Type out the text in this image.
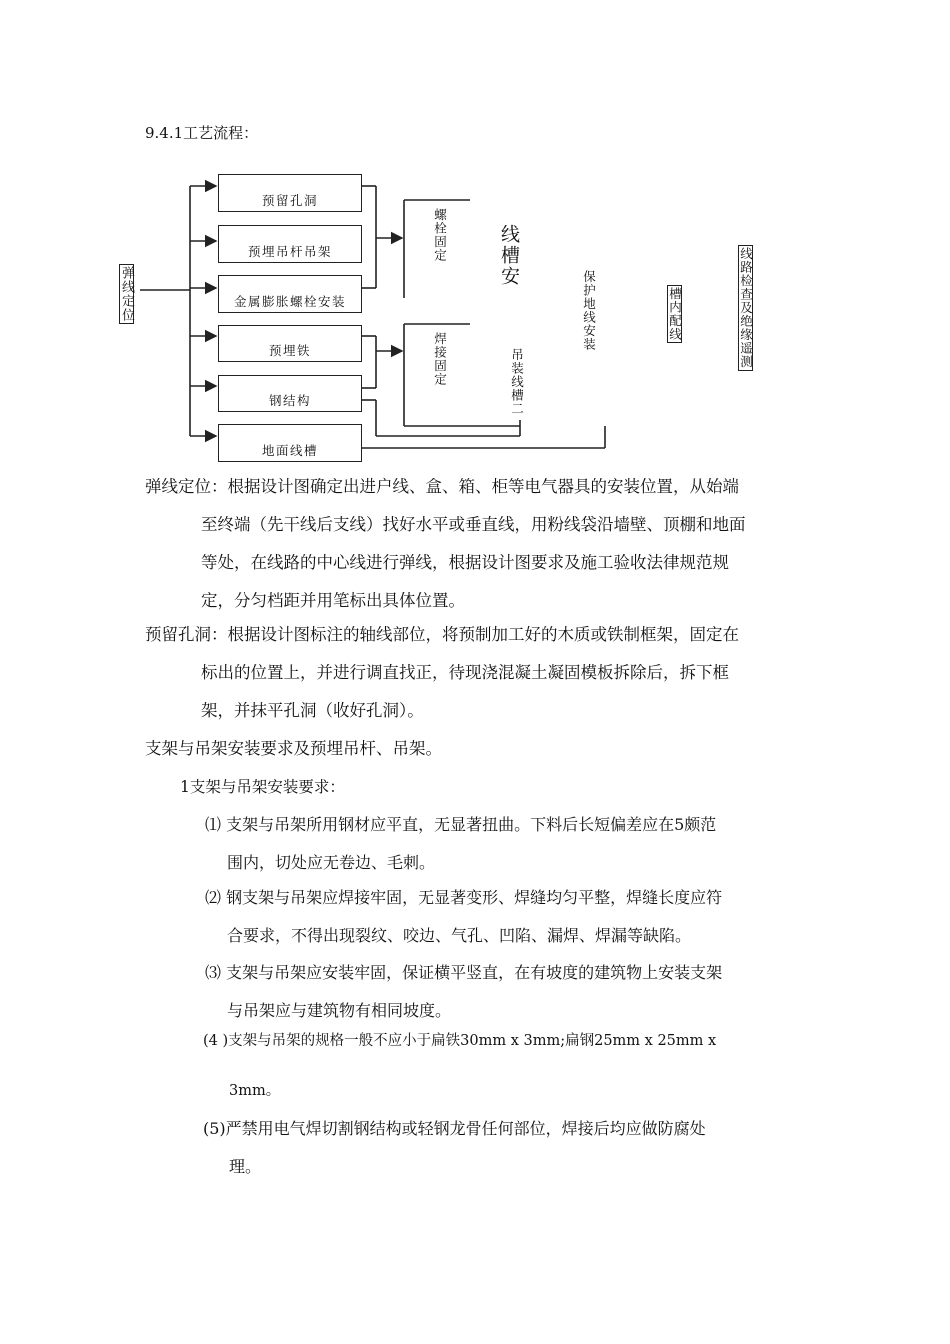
9.4.1工艺流程：
弹线定位
预留孔洞
预埋吊杆吊架
金属膨胀螺栓安装
预埋铁
钢结构
地面线槽
螺栓固定
焊接固定
线槽安
吊装线槽二
保护地线安装	槽内配线	线路检查及绝缘遥测

弹线定位：根据设计图确定出进户线、盒、箱、柜等电气器具的安装位置，从始端

至终端（先干线后支线）找好水平或垂直线，用粉线袋沿墙壁、顶棚和地面

等处，在线路的中心线进行弹线，根据设计图要求及施工验收法律规范规

定，分匀档距并用笔标出具体位置。

预留孔洞：根据设计图标注的轴线部位，将预制加工好的木质或铁制框架，固定在

标出的位置上，并进行调直找正，待现浇混凝土凝固模板拆除后，拆下框

架，并抹平孔洞（收好孔洞）。

支架与吊架安装要求及预埋吊杆、吊架。
1支架与吊架安装要求：

⑴ 支架与吊架所用钢材应平直，无显著扭曲。下料后长短偏差应在5颇范

围内，切处应无卷边、毛刺。

⑵ 钢支架与吊架应焊接牢固，无显著变形、焊缝均匀平整，焊缝长度应符

合要求，不得出现裂纹、咬边、气孔、凹陷、漏焊、焊漏等缺陷。

⑶ 支架与吊架应安装牢固，保证横平竖直，在有坡度的建筑物上安装支架

与吊架应与建筑物有相同坡度。

(4 )支架与吊架的规格一般不应小于扁铁30mm x 3mm;扁钢25mm x 25mm x

3mm。

(5)严禁用电气焊切割钢结构或轻钢龙骨任何部位，焊接后均应做防腐处

理。
